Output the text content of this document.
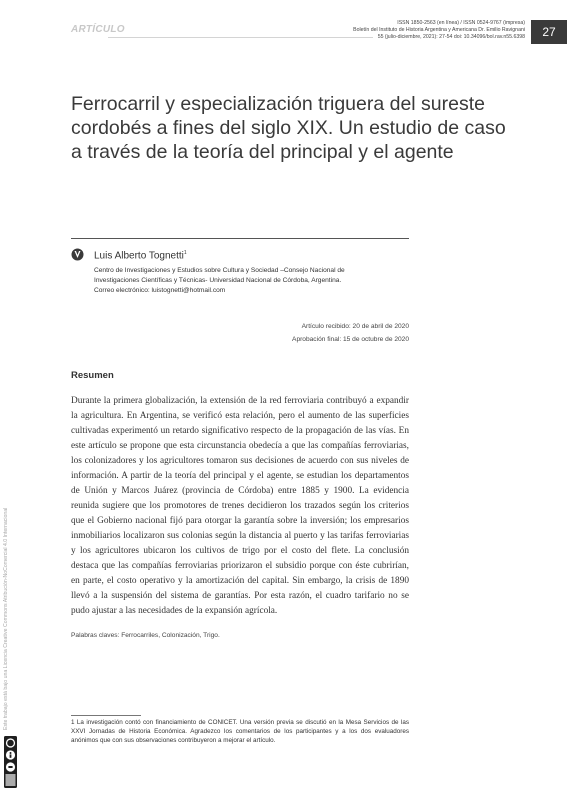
ARTÍCULO
ISSN 1850-2563 (en línea) / ISSN 0524-9767 (impresa)
Boletín del Instituto de Historia Argentina y Americana Dr. Emilio Ravignani
55 (julio-diciembre, 2021): 27-54 doi: 10.34096/bol.rav.n55.6398	27
Ferrocarril y especialización triguera del sureste cordobés a fines del siglo XIX. Un estudio de caso a través de la teoría del principal y el agente
Luis Alberto Tognetti$^1$
Centro de Investigaciones y Estudios sobre Cultura y Sociedad –Consejo Nacional de
Investigaciones Científicas y Técnicas- Universidad Nacional de Córdoba, Argentina.
Correo electrónico: luistognetti@hotmail.com
Artículo recibido: 20 de abril de 2020
Aprobación final: 15 de octubre de 2020
Resumen

Durante la primera globalización, la extensión de la red ferroviaria contribuyó a expandir la agricultura. En Argentina, se verificó esta relación, pero el aumento de las superficies cultivadas experimentó un retardo significativo respecto de la propagación de las vías. En este artículo se propone que esta circunstancia obedecía a que las compañías ferroviarias, los colonizadores y los agricultores tomaron sus decisiones de acuerdo con sus niveles de información. A partir de la teoría del principal y el agente, se estudian los departamentos de Unión y Marcos Juárez (provincia de Córdoba) entre 1885 y 1900. La evidencia reunida sugiere que los promotores de trenes decidieron los trazados según los criterios que el Gobierno nacional fijó para otorgar la garantía sobre la inversión; los empresarios inmobiliarios localizaron sus colonias según la distancia al puerto y las tarifas ferroviarias y los agricultores ubicaron los cultivos de trigo por el costo del flete. La conclusión destaca que las compañías ferroviarias priorizaron el subsidio porque con éste cubrirían, en parte, el costo operativo y la amortización del capital. Sin embargo, la crisis de 1890 llevó a la suspensión del sistema de garantías. Por esta razón, el cuadro tarifario no se pudo ajustar a las necesidades de la expansión agrícola.

Palabras claves: Ferrocarriles, Colonización, Trigo.

1 La investigación contó con financiamiento de CONICET. Una versión previa se discutió en la Mesa Servicios de las XXVI Jornadas de Historia Económica. Agradezco los comentarios de los participantes y a los dos evaluadores anónimos que con sus observaciones contribuyeron a mejorar el artículo.

Este trabajo está bajo una Licencia Creative Commons Atribución-NoComercial 4.0 Internacional
